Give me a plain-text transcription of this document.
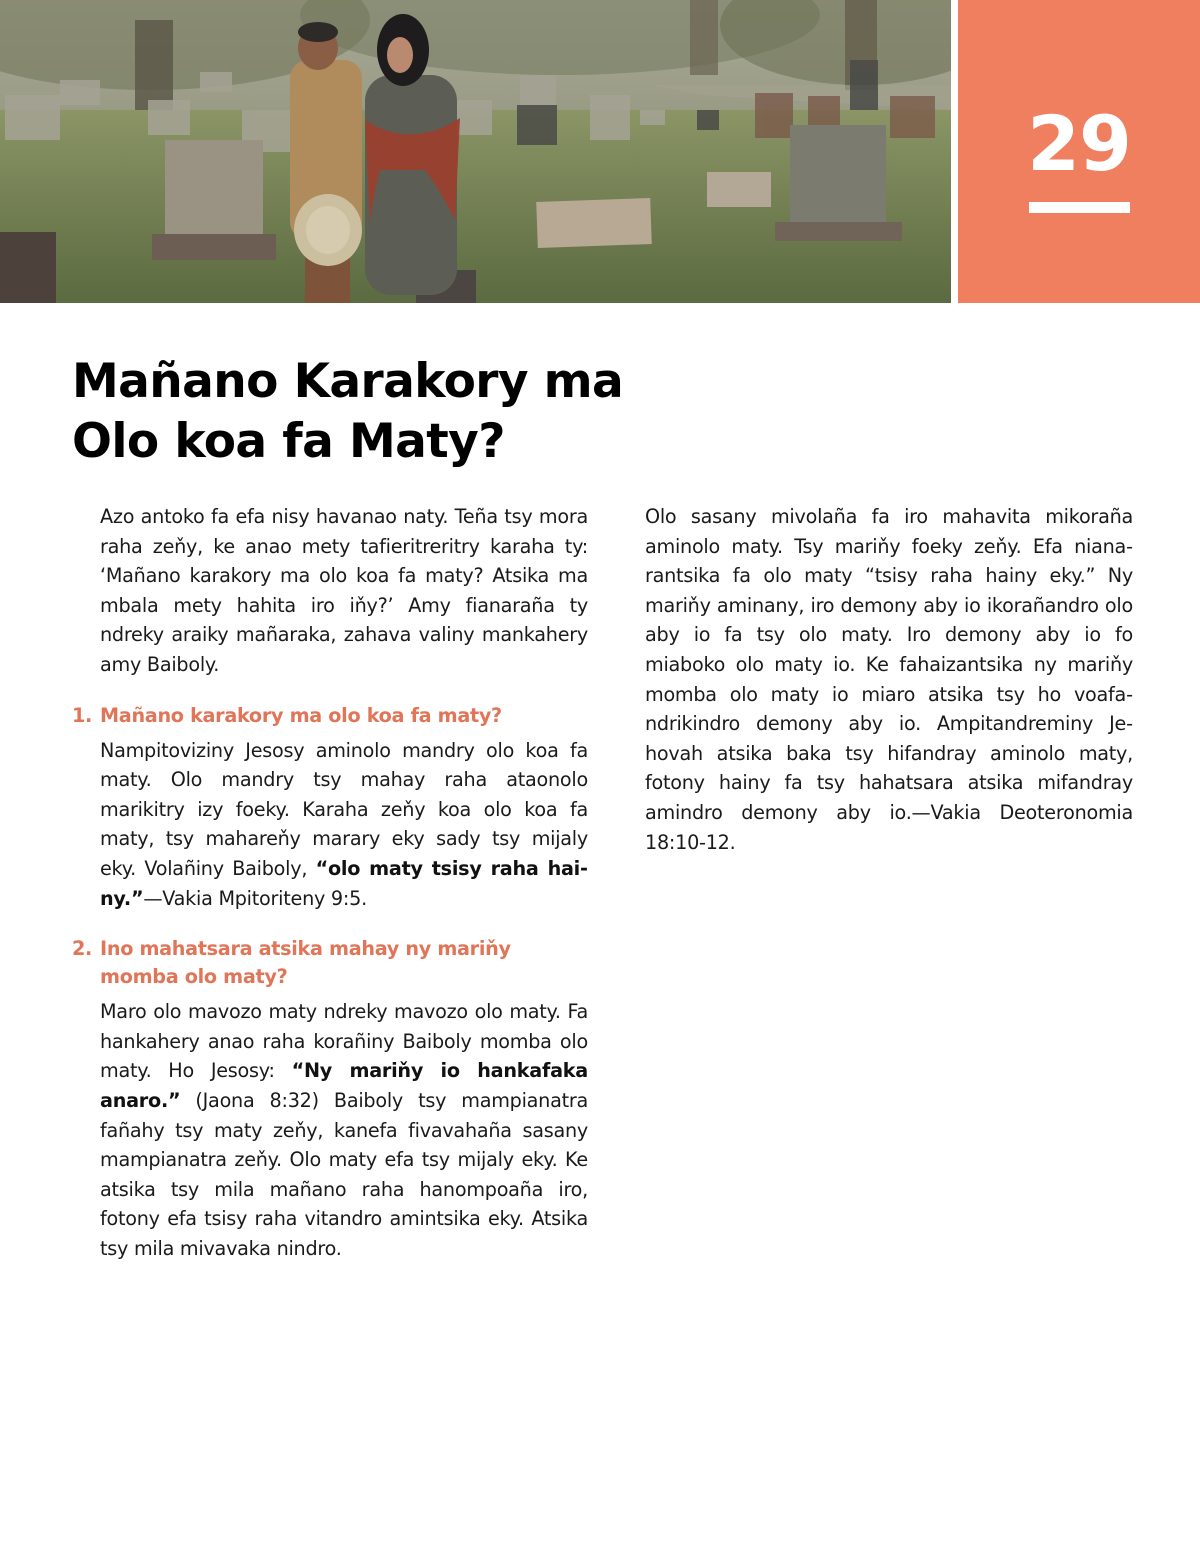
29
Mañano Karakory ma
Olo koa fa Maty?

Azo antoko fa efa nisy havanao naty. Teña tsy mora raha zeňy, ke anao mety tafieritreritry karaha ty: ‘Mañano karakory ma olo koa fa maty? Atsika ma mbala mety hahita iro iňy?’ Amy fianaraña ty ndreky araiky mañaraka, zahava valiny mankahery amy Baiboly.

1. Mañano karakory ma olo koa fa maty?

Nampitoviziny Jesosy aminolo mandry olo koa fa maty. Olo mandry tsy mahay raha ataonolo marikitry izy foeky. Karaha zeňy koa olo koa fa maty, tsy mahareňy marary eky sady tsy mijaly eky. Volañiny Baiboly, “olo maty tsisy raha hainy.”—Vakia Mpitoriteny 9:5.

2. Ino mahatsara atsika mahay ny mariňy momba olo maty?

Maro olo mavozo maty ndreky mavozo olo maty. Fa hankahery anao raha korañiny Baiboly momba olo maty. Ho Jesosy: “Ny mariňy io hankafaka anaro.” (Jaona 8:32) Baiboly tsy mampianatra fañahy tsy maty zeňy, kanefa fivavahaña sasany mampianatra zeňy. Olo maty efa tsy mijaly eky. Ke atsika tsy mila mañano raha hanompoaña iro, fotony efa tsisy raha vitandro amintsika eky. Atsika tsy mila mivavaka nindro.

Olo sasany mivolaña fa iro mahavita mikoraña aminolo maty. Tsy mariňy foeky zeňy. Efa nianarantsika fa olo maty “tsisy raha hainy eky.” Ny mariňy aminany, iro demony aby io ikorañandro olo aby io fa tsy olo maty. Iro demony aby io fo miaboko olo maty io. Ke fahaizantsika ny mariňy momba olo maty io miaro atsika tsy ho voafandrikindro demony aby io. Ampitandreminy Jehovah atsika baka tsy hifandray aminolo maty, fotony hainy fa tsy hahatsara atsika mifandray amindro demony aby io.—Vakia Deoteronomia 18:10-12.
